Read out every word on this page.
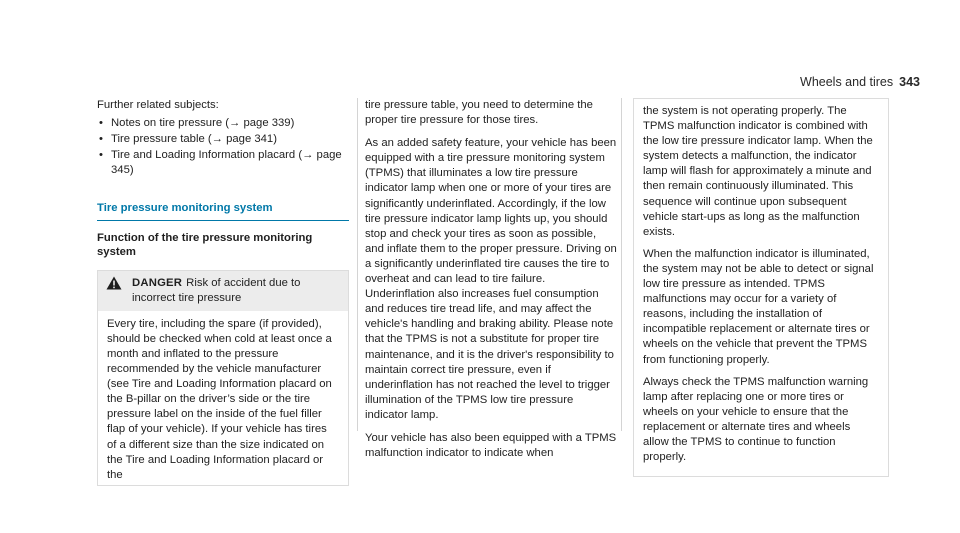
Wheels and tires 343
Further related subjects:
• Notes on tire pressure (→ page 339)
• Tire pressure table (→ page 341)
• Tire and Loading Information placard (→ page 345)
Tire pressure monitoring system
Function of the tire pressure monitoring system
DANGER Risk of accident due to incorrect tire pressure
Every tire, including the spare (if provided), should be checked when cold at least once a month and inflated to the pressure recommended by the vehicle manufacturer (see Tire and Loading Information placard on the B-pillar on the driver’s side or the tire pressure label on the inside of the fuel filler flap of your vehicle). If your vehicle has tires of a different size than the size indicated on the Tire and Loading Information placard or the

tire pressure table, you need to determine the proper tire pressure for those tires.

As an added safety feature, your vehicle has been equipped with a tire pressure monitoring system (TPMS) that illuminates a low tire pressure indicator lamp when one or more of your tires are significantly underinflated. Accordingly, if the low tire pressure indicator lamp lights up, you should stop and check your tires as soon as possible, and inflate them to the proper pressure. Driving on a significantly underinflated tire causes the tire to overheat and can lead to tire failure. Underinflation also increases fuel consumption and reduces tire tread life, and may affect the vehicle's handling and braking ability. Please note that the TPMS is not a substitute for proper tire maintenance, and it is the driver's responsibility to maintain correct tire pressure, even if underinflation has not reached the level to trigger illumination of the TPMS low tire pressure indicator lamp.

Your vehicle has also been equipped with a TPMS malfunction indicator to indicate when

the system is not operating properly. The TPMS malfunction indicator is combined with the low tire pressure indicator lamp. When the system detects a malfunction, the indicator lamp will flash for approximately a minute and then remain continuously illuminated. This sequence will continue upon subsequent vehicle start-ups as long as the malfunction exists.

When the malfunction indicator is illuminated, the system may not be able to detect or signal low tire pressure as intended. TPMS malfunctions may occur for a variety of reasons, including the installation of incompatible replacement or alternate tires or wheels on the vehicle that prevent the TPMS from functioning properly.

Always check the TPMS malfunction warning lamp after replacing one or more tires or wheels on your vehicle to ensure that the replacement or alternate tires and wheels allow the TPMS to continue to function properly.
